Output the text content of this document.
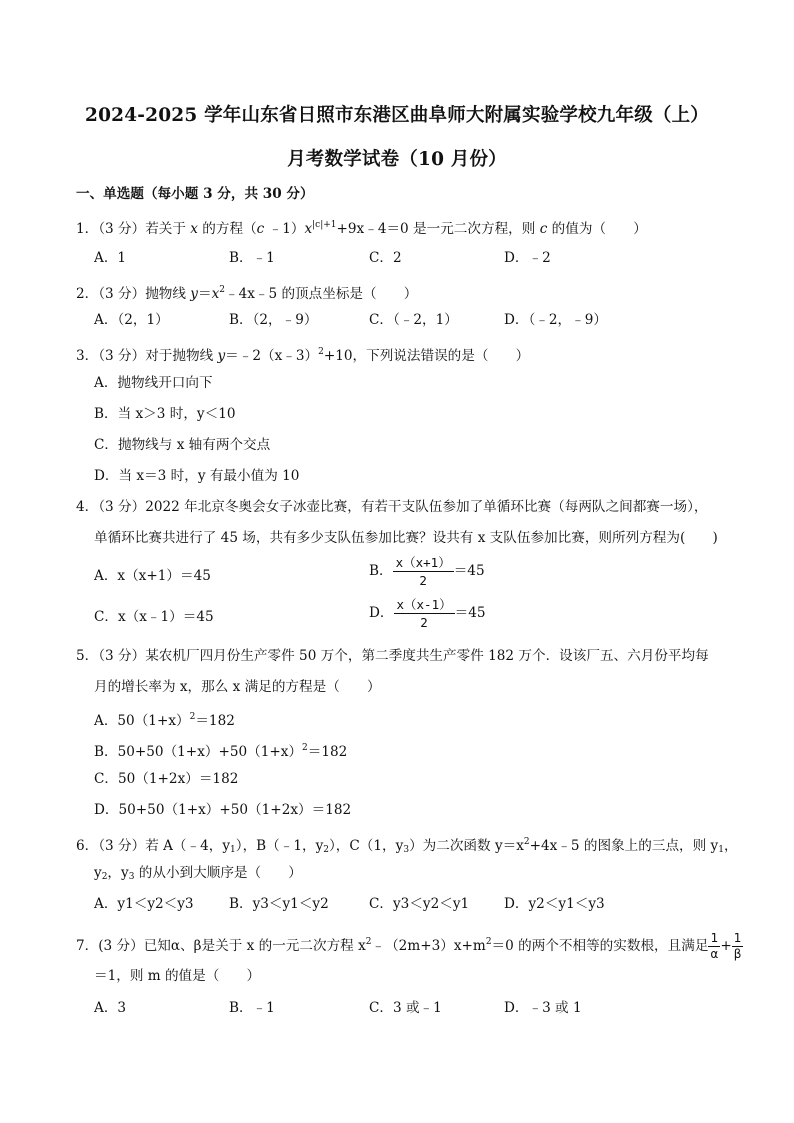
2024-2025 学年山东省日照市东港区曲阜师大附属实验学校九年级（上）
月考数学试卷（10 月份）
一、单选题（每小题 3 分，共 30 分）
1．（3 分）若关于 x 的方程（c $﹣1)x^{|c|+1}+9x﹣4=0$ 是一元二次方程，则 c 的值为（　　）
A．1	B．﹣1	C．2	D．﹣2
2．（3 分）抛物线 $y=x^2﹣4x﹣5$ 的顶点坐标是（　　）
A．（2，1）	B．（2，﹣9）	C．（﹣2，1）	D．（﹣2，﹣9）
3．（3 分）对于抛物线 y＝﹣2（x﹣3）$^2$+10，下列说法错误的是（　　）
A．抛物线开口向下
B．当 x＞3 时，y＜10
C．抛物线与 x 轴有两个交点
D．当 x＝3 时，y 有最小值为 10
4．（3 分）2022 年北京冬奥会女子冰壶比赛，有若干支队伍参加了单循环比赛（每两队之间都赛一场），
单循环比赛共进行了 45 场，共有多少支队伍参加比赛？设共有 x 支队伍参加比赛，则所列方程为(　　)
A．x（x+1）＝45	B． $\frac{x(x+1)}{2} =45$
C．x（x﹣1）＝45	D． $\frac{x(x-1)}{2} =45$
5．（3 分）某农机厂四月份生产零件 50 万个，第二季度共生产零件 182 万个．设该厂五、六月份平均每
月的增长率为 x，那么 x 满足的方程是（　　）
A．$50(1+x)^2=182$
B．$50+50(1+x)+50(1+x)^2=182$
C．50（1+2x）＝182
D．50+50（1+x）+50（1+2x）＝182
6．（3 分）若 A（﹣4，$y_1$），B（﹣1，$y_2$），C（1，$y_3$）为二次函数 $y=x^2+4x﹣5$ 的图象上的三点，则 $y_1$，
$y_2$，$y_3$ 的从小到大顺序是（　　）
A．y1＜y2＜y3	B．y3＜y1＜y2	C．y3＜y2＜y1	D．y2＜y1＜y3
7．(3 分）已知α、β是关于 x 的一元二次方程 $x^2﹣(2m+3)x+m^2=0$ 的两个不相等的实数根，且满足 $\frac{1}{\alpha} + \frac{1}{\beta}$
＝1，则 m 的值是（　　）
A．3	B．﹣1	C．3 或﹣1	D．﹣3 或 1
